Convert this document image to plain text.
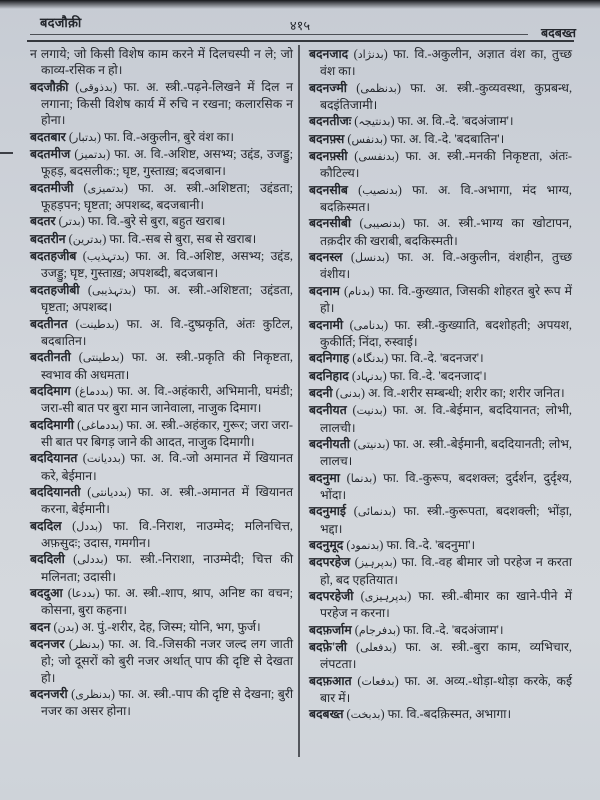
बदजौक़ी	४१५	बदबख्त
न लगाये; जो किसी विशेष काम करने में दिलचस्पी न ले; जो काव्य-रसिक न हो।
बदजौक़ी (بدذوقی) फा. अ. स्त्री.-पढ़ने-लिखने में दिल न लगाना; किसी विशेष कार्य में रुचि न रखना; कलारसिक न होना।
बदतबार (بدتبار) फा. वि.-अकुलीन, बुरे वंश का।
बदतमीज (بدتمیز) फा. अ. वि.-अशिष्ट, असभ्य; उद्दंड, उजड्डु; फूहड़, बदसलीक:; घृष्ट, गुस्ताख़; बदजबान।
बदतमीजी (بدتمیزی) फा. अ. स्त्री.-अशिष्टता; उद्दंडता; फूहड़पन; घृष्टता; अपशब्द, बदजबानी।
बदतर (بدتر) फा. वि.-बुरे से बुरा, बहुत खराब।
बदतरीन (بدترین) फा. वि.-सब से बुरा, सब से खराब।
बदतहजीब (بدتہذیب) फा. अ. वि.-अशिष्ट, असभ्य; उद्दंड, उजड्डु; घृष्ट, गुस्ताख़; अपशब्दी, बदजबान।
बदतहजीबी (بدتہذیبی) फा. अ. स्त्री.-अशिष्टता; उद्दंडता, घृष्टता; अपशब्द।
बदतीनत (بدطینت) फा. अ. वि.-दुष्प्रकृति, अंतः कुटिल, बदबातिन।
बदतीनती (بدطینتی) फा. अ. स्त्री.-प्रकृति की निकृष्टता, स्वभाव की अधमता।
बददिमाग (بددماغ) फा. अ. वि.-अहंकारी, अभिमानी, घमंडी; जरा-सी बात पर बुरा मान जानेवाला, नाजुक दिमाग।
बददिमागी (بددماغی) फा. अ. स्त्री.-अहंकार, गुरूर; जरा जरा-सी बात पर बिगड़ जाने की आदत, नाजुक दिमागी।
बददियानत (بددیانت) फा. अ. वि.-जो अमानत में खियानत करे, बेईमान।
बददियानती (بددیانتی) फा. अ. स्त्री.-अमानत में खियानत करना, बेईमानी।
बददिल (بددل) फा. वि.-निराश, नाउम्मेद; मलिनचित्त, अफ़सुदः; उदास, गमगीन।
बददिली (بددلی) फा. स्त्री.-निराशा, नाउम्मेदी; चित्त की मलिनता; उदासी।
बददुआ (بددعا) फा. अ. स्त्री.-शाप, श्राप, अनिष्ट का वचन; कोसना, बुरा कहना।
बदन (بدن) अ. पुं.-शरीर, देह, जिस्म; योनि, भग, फुर्ज।
बदनजर (بدنظر) फा. अ. वि.-जिसकी नजर जल्द लग जाती हो; जो दूसरों को बुरी नजर अर्थात् पाप की दृष्टि से देखता हो।
बदनजरी (بدنظری) फा. अ. स्त्री.-पाप की दृष्टि से देखना; बुरी नजर का असर होना।
बदनजाद (بدنژاد) फा. वि.-अकुलीन, अज्ञात वंश का, तुच्छ वंश का।
बदनज्मी (بدنظمی) फा. अ. स्त्री.-कुव्यवस्था, कुप्रबन्ध, बदइंतिजामी।
बदनतीजः (بدنتیجہ) फा. अ. वि.-दे. 'बदअंजाम'।
बदनफ़्स (بدنفس) फा. अ. वि.-दे. 'बदबातिन'।
बदनफ़्सी (بدنفسی) फा. अ. स्त्री.-मनकी निकृष्टता, अंतः-कौटिल्य।
बदनसीब (بدنصیب) फा. अ. वि.-अभागा, मंद भाग्य, बदक़िस्मत।
बदनसीबी (بدنصیبی) फा. अ. स्त्री.-भाग्य का खोटापन, तक़दीर की खराबी, बदकिस्मती।
बदनस्ल (بدنسل) फा. अ. वि.-अकुलीन, वंशहीन, तुच्छ वंशीय।
बदनाम (بدنام) फा. वि.-कुख्यात, जिसकी शोहरत बुरे रूप में हो।
बदनामी (بدنامی) फा. स्त्री.-कुख्याति, बदशोहती; अपयश, कुकीर्ति; निंदा, रुस्वाई।
बदनिगाह (بدنگاہ) फा. वि.-दे. 'बदनजर'।
बदनिहाद (بدنہاد) फा. वि.-दे. 'बदनजाद'।
बदनी (بدنی) अ. वि.-शरीर सम्बन्धी; शरीर का; शरीर जनित।
बदनीयत (بدنیت) फा. अ. वि.-बेईमान, बददियानत; लोभी, लालची।
बदनीयती (بدنیتی) फा. अ. स्त्री.-बेईमानी, बददियानती; लोभ, लालच।
बदनुमा (بدنما) फा. वि.-कुरूप, बदशक्ल; दुर्दर्शन, दुर्दृश्य, भोंदा।
बदनुमाई (بدنمائی) फा. स्त्री.-कुरूपता, बदशक्ली; भोंड़ा, भद्दा।
बदनुमूद (بدنمود) फा. वि.-दे. 'बदनुमा'।
बदपरहेज (بدپرہیز) फा. वि.-वह बीमार जो परहेज न करता हो, बद एहतियात।
बदपरहेजी (بدپرہیزی) फा. स्त्री.-बीमार का खाने-पीने में परहेज न करना।
बदफ़र्जाम (بدفرجام) फा. वि.-दे. 'बदअंजाम'।
बदफ़े'ली (بدفعلی) फा. अ. स्त्री.-बुरा काम, व्यभिचार, लंपटता।
बदफ़आत (بدفعات) फा. अ. अव्य.-थोड़ा-थोड़ा करके, कई बार में।
बदबख्त (بدبخت) फा. वि.-बदक़िस्मत, अभागा।
